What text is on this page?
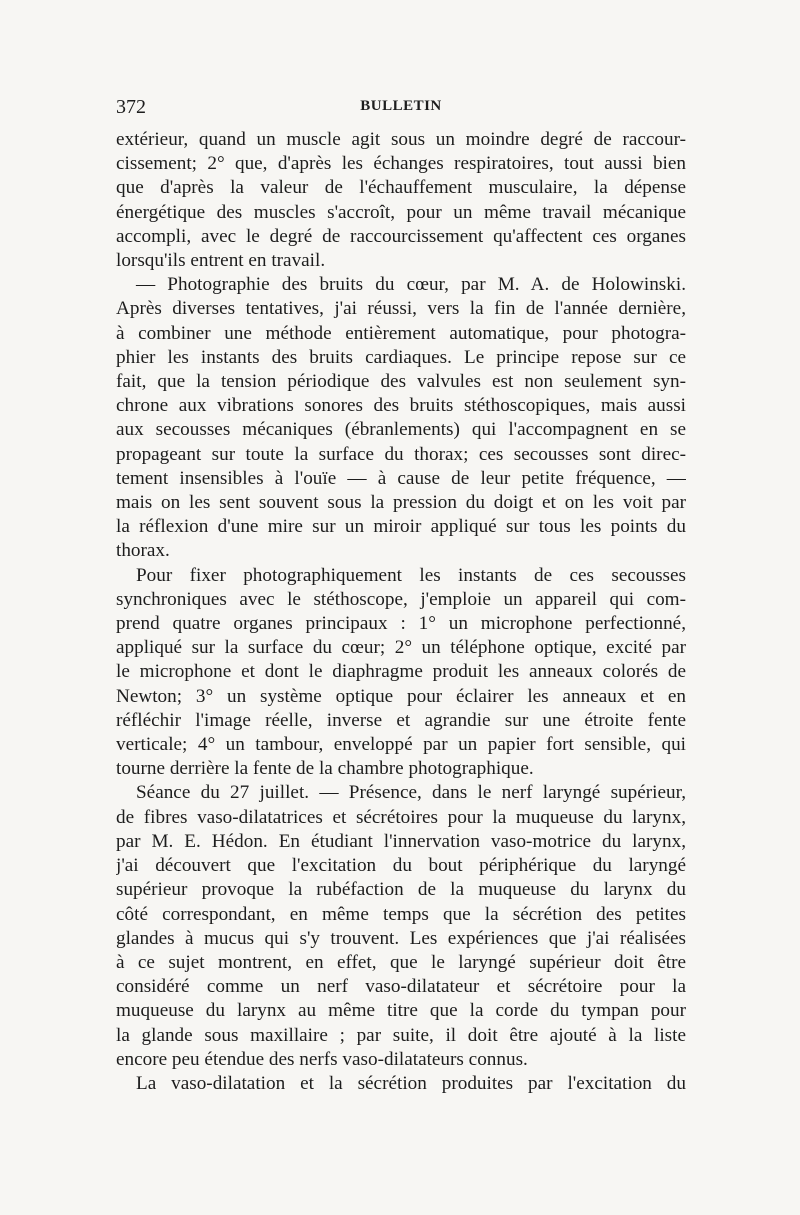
372	BULLETIN
extérieur, quand un muscle agit sous un moindre degré de raccour-
cissement; 2° que, d'après les échanges respiratoires, tout aussi bien
que d'après la valeur de l'échauffement musculaire, la dépense
énergétique des muscles s'accroît, pour un même travail mécanique
accompli, avec le degré de raccourcissement qu'affectent ces organes
lorsqu'ils entrent en travail.
— Photographie des bruits du cœur, par M. A. de Holowinski.
Après diverses tentatives, j'ai réussi, vers la fin de l'année dernière,
à combiner une méthode entièrement automatique, pour photogra-
phier les instants des bruits cardiaques. Le principe repose sur ce
fait, que la tension périodique des valvules est non seulement syn-
chrone aux vibrations sonores des bruits stéthoscopiques, mais aussi
aux secousses mécaniques (ébranlements) qui l'accompagnent en se
propageant sur toute la surface du thorax; ces secousses sont direc-
tement insensibles à l'ouïe — à cause de leur petite fréquence, —
mais on les sent souvent sous la pression du doigt et on les voit par
la réflexion d'une mire sur un miroir appliqué sur tous les points du
thorax.
Pour fixer photographiquement les instants de ces secousses
synchroniques avec le stéthoscope, j'emploie un appareil qui com-
prend quatre organes principaux : 1° un microphone perfectionné,
appliqué sur la surface du cœur; 2° un téléphone optique, excité par
le microphone et dont le diaphragme produit les anneaux colorés de
Newton; 3° un système optique pour éclairer les anneaux et en
réfléchir l'image réelle, inverse et agrandie sur une étroite fente
verticale; 4° un tambour, enveloppé par un papier fort sensible, qui
tourne derrière la fente de la chambre photographique.
Séance du 27 juillet. — Présence, dans le nerf laryngé supérieur,
de fibres vaso-dilatatrices et sécrétoires pour la muqueuse du larynx,
par M. E. Hédon. En étudiant l'innervation vaso-motrice du larynx,
j'ai découvert que l'excitation du bout périphérique du laryngé
supérieur provoque la rubéfaction de la muqueuse du larynx du
côté correspondant, en même temps que la sécrétion des petites
glandes à mucus qui s'y trouvent. Les expériences que j'ai réalisées
à ce sujet montrent, en effet, que le laryngé supérieur doit être
considéré comme un nerf vaso-dilatateur et sécrétoire pour la
muqueuse du larynx au même titre que la corde du tympan pour
la glande sous maxillaire ; par suite, il doit être ajouté à la liste
encore peu étendue des nerfs vaso-dilatateurs connus.
La vaso-dilatation et la sécrétion produites par l'excitation du
